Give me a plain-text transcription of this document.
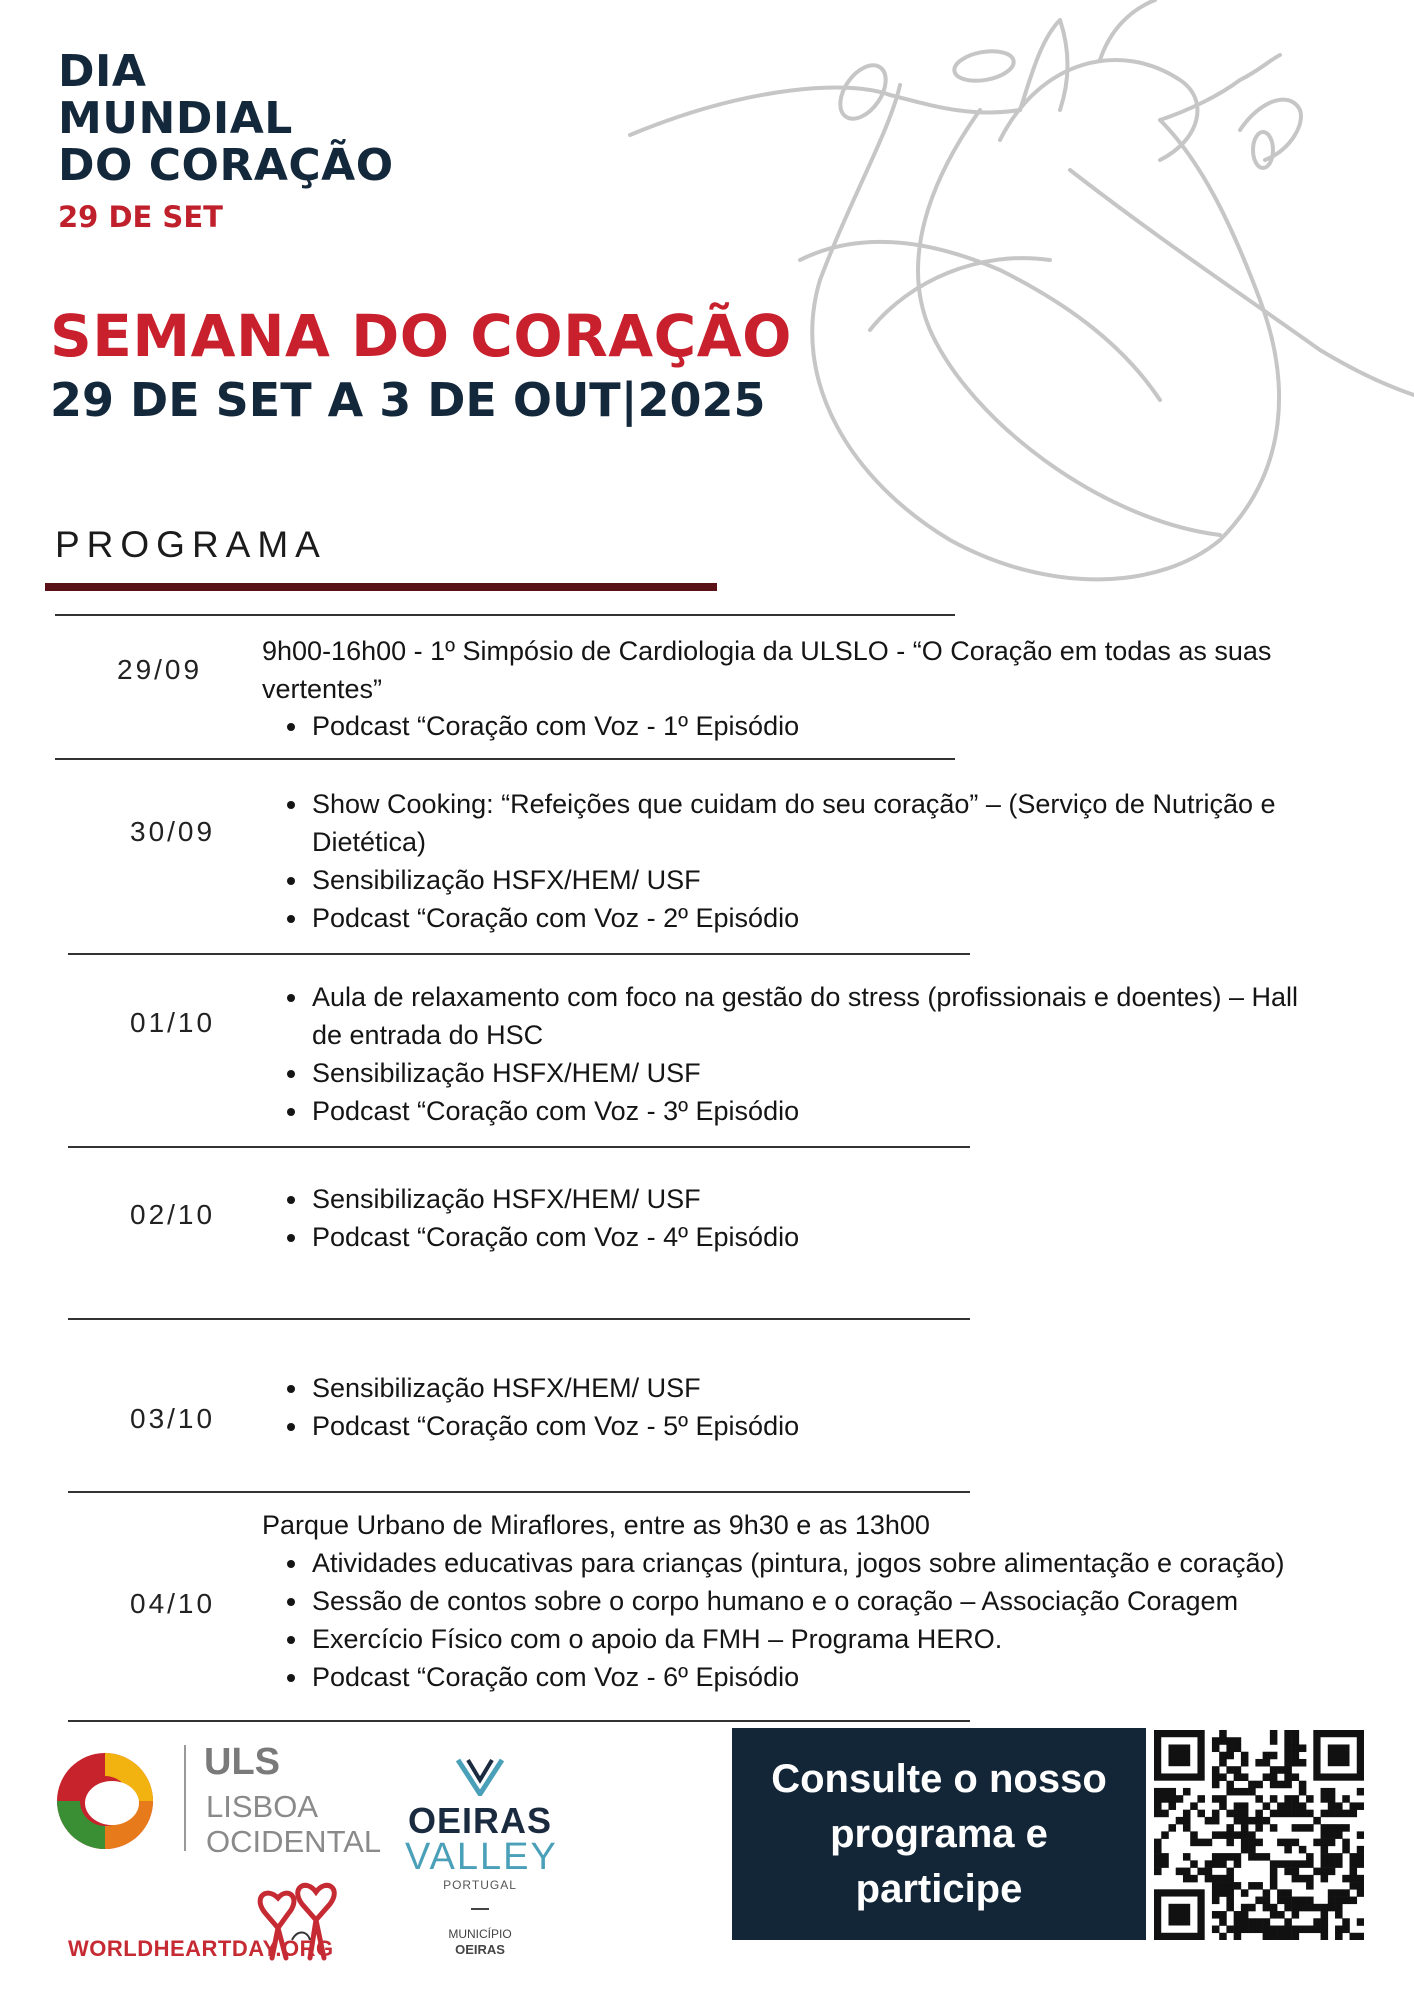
DIA
MUNDIAL
DO CORAÇÃO
29 DE SET
SEMANA DO CORAÇÃO
29 DE SET A 3 DE OUT|2025
PROGRAMA
29/09
9h00-16h00 - 1º Simpósio de Cardiologia da ULSLO - “O Coração em todas as suas vertentes”
• Podcast “Coração com Voz - 1º Episódio
30/09
• Show Cooking: “Refeições que cuidam do seu coração” – (Serviço de Nutrição e Dietética)
• Sensibilização HSFX/HEM/ USF
• Podcast “Coração com Voz - 2º Episódio
01/10
• Aula de relaxamento com foco na gestão do stress (profissionais e doentes) – Hall de entrada do HSC
• Sensibilização HSFX/HEM/ USF
• Podcast “Coração com Voz - 3º Episódio
02/10
•	Sensibilização HSFX/HEM/ USF
• Podcast “Coração com Voz - 4º Episódio
03/10
• Sensibilização HSFX/HEM/ USF
• Podcast “Coração com Voz - 5º Episódio
04/10
Parque Urbano de Miraflores, entre as 9h30 e as 13h00
• Atividades educativas para crianças (pintura, jogos sobre alimentação e coração)
• Sessão de contos sobre o corpo humano e o coração – Associação Coragem
• Exercício Físico com o apoio da FMH – Programa HERO.
• Podcast “Coração com Voz - 6º Episódio
ULS
LISBOA
OCIDENTAL
WORLDHEARTDAY.ORG
OEIRAS
VALLEY
PORTUGAL
MUNICÍPIO
OEIRAS
Consulte o nosso programa e participe
